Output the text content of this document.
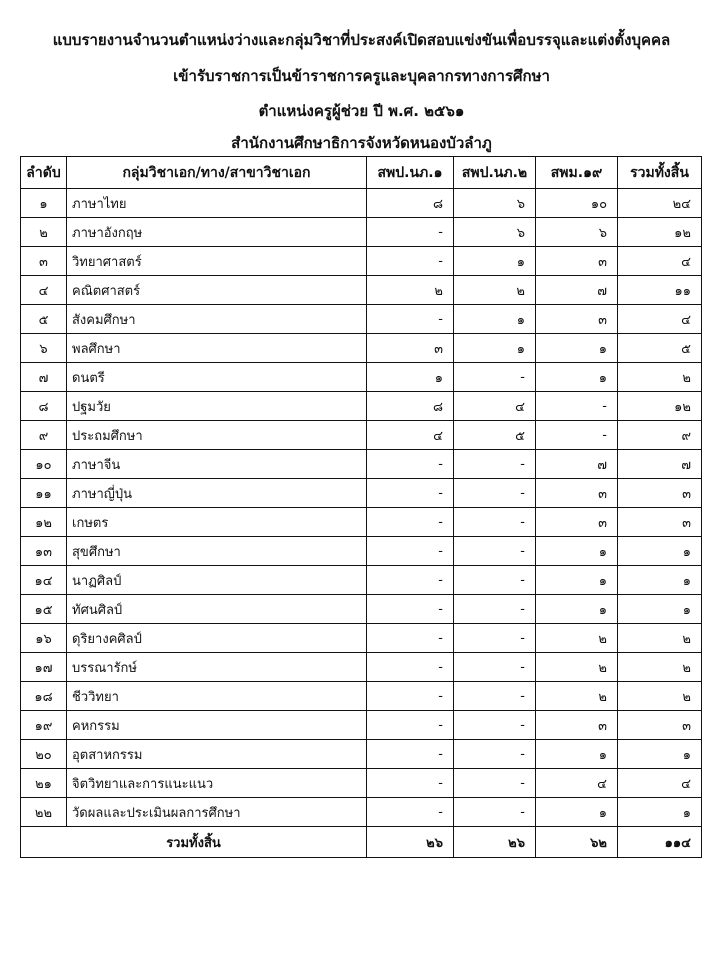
แบบรายงานจำนวนตำแหน่งว่างและกลุ่มวิชาที่ประสงค์เปิดสอบแข่งขันเพื่อบรรจุและแต่งตั้งบุคคล
เข้ารับราชการเป็นข้าราชการครูและบุคลากรทางการศึกษา
ตำแหน่งครูผู้ช่วย ปี พ.ศ. ๒๕๖๑
สำนักงานศึกษาธิการจังหวัดหนองบัวลำภู
ลำดับ	กลุ่มวิชาเอก/ทาง/สาขาวิชาเอก	สพป.นภ.๑	สพป.นภ.๒	สพม.๑๙	รวมทั้งสิ้น
๑	ภาษาไทย	๘	๖	๑๐	๒๔
๒	ภาษาอังกฤษ	-	๖	๖	๑๒
๓	วิทยาศาสตร์	-	๑	๓	๔
๔	คณิตศาสตร์	๒	๒	๗	๑๑
๕	สังคมศึกษา	-	๑	๓	๔
๖	พลศึกษา	๓	๑	๑	๕
๗	ดนตรี	๑	-	๑	๒
๘	ปฐมวัย	๘	๔	-	๑๒
๙	ประถมศึกษา	๔	๕	-	๙
๑๐	ภาษาจีน	-	-	๗	๗
๑๑	ภาษาญี่ปุ่น	-	-	๓	๓
๑๒	เกษตร	-	-	๓	๓
๑๓	สุขศึกษา	-	-	๑	๑
๑๔	นาฏศิลป์	-	-	๑	๑
๑๕	ทัศนศิลป์	-	-	๑	๑
๑๖	ดุริยางคศิลป์	-	-	๒	๒
๑๗	บรรณารักษ์	-	-	๒	๒
๑๘	ชีววิทยา	-	-	๒	๒
๑๙	คหกรรม	-	-	๓	๓
๒๐	อุตสาหกรรม	-	-	๑	๑
๒๑	จิตวิทยาและการแนะแนว	-	-	๔	๔
๒๒	วัดผลและประเมินผลการศึกษา	-	-	๑	๑
รวมทั้งสิ้น		๒๖	๒๖	๖๒	๑๑๔
